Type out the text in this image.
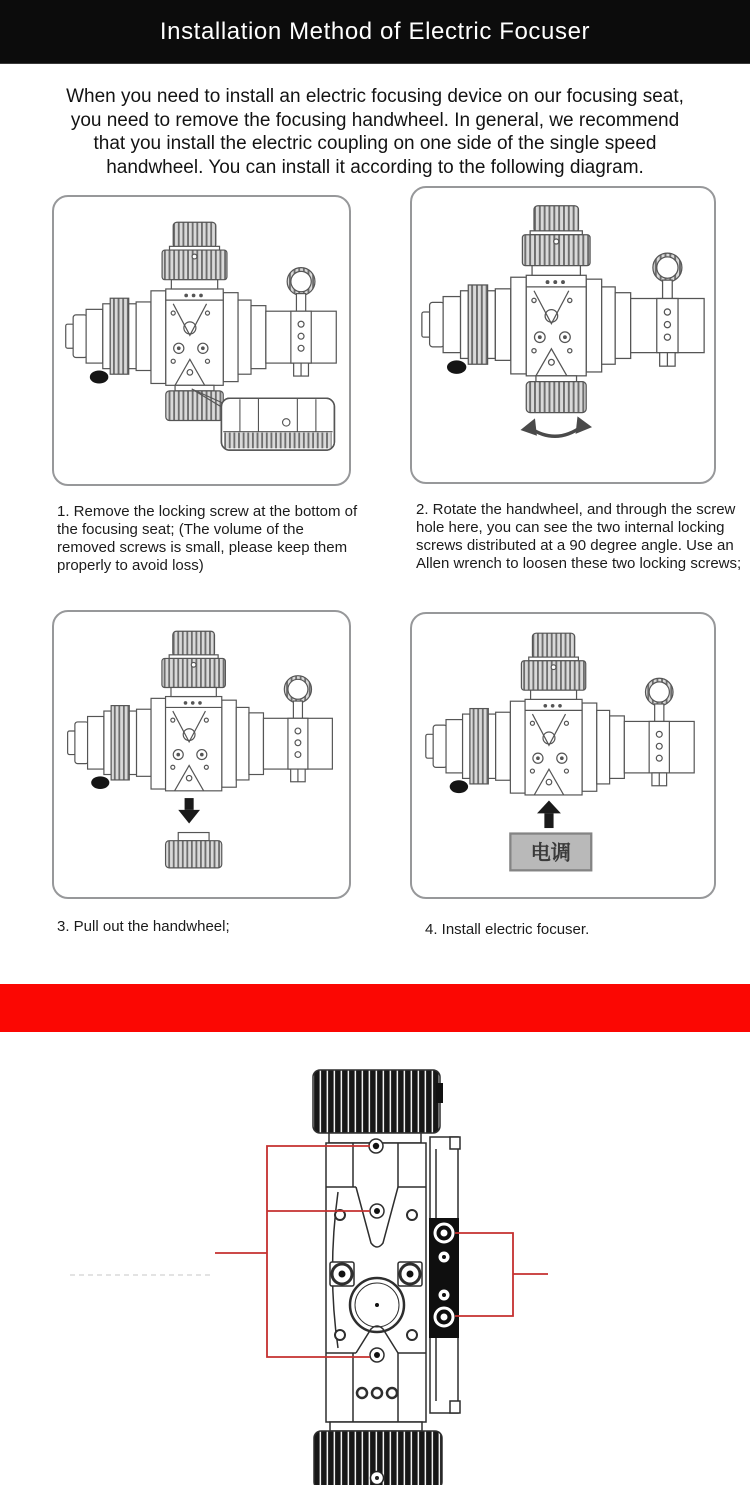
Installation Method of Electric Focuser
When you need to install an electric focusing device on our focusing seat,
you need to remove the focusing handwheel. In general, we recommend
that you install the electric coupling on one side of the single speed
handwheel. You can install it according to the following diagram.
1. Remove the locking screw at the bottom of the focusing seat; (The volume of the removed screws is small, please keep them properly to avoid loss)
2. Rotate the handwheel, and through the screw hole here, you can see the two internal locking screws distributed at a 90 degree angle. Use an Allen wrench to loosen these two locking screws;
电调
3. Pull out the handwheel;	4. Install electric focuser.
